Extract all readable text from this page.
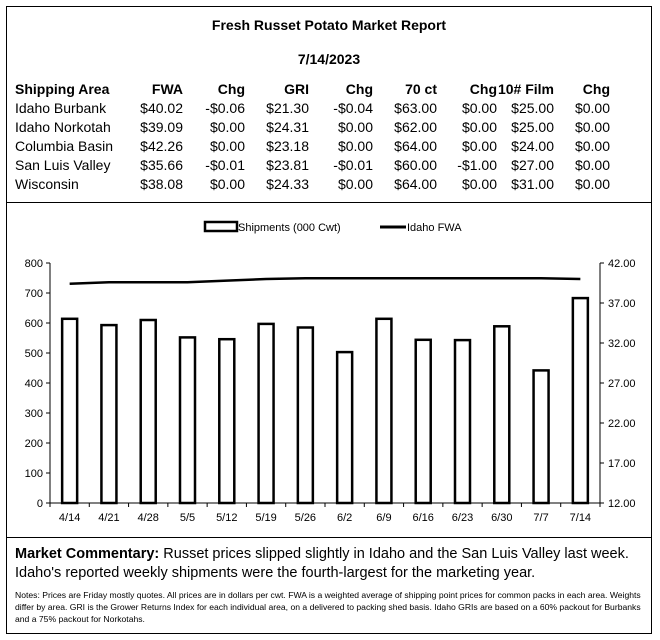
Fresh Russet Potato Market Report
7/14/2023
Shipping Area	FWA	Chg	GRI	Chg	70 ct	Chg	10# Film	Chg
Idaho Burbank	$40.02	-$0.06	$21.30	-$0.04	$63.00	$0.00	$25.00	$0.00
Idaho Norkotah	$39.09	$0.00	$24.31	$0.00	$62.00	$0.00	$25.00	$0.00
Columbia Basin	$42.26	$0.00	$23.18	$0.00	$64.00	$0.00	$24.00	$0.00
San Luis Valley	$35.66	-$0.01	$23.81	-$0.01	$60.00	-$1.00	$27.00	$0.00
Wisconsin	$38.08	$0.00	$24.33	$0.00	$64.00	$0.00	$31.00	$0.00
0
100
200
300
400
500
600
700
800
12.00
17.00
22.00
27.00
32.00
37.00
42.00
4/14 4/21 4/28 5/5 5/12 5/19 5/26 6/2 6/9 6/16 6/23 6/30 7/7 7/14
Shipments (000 Cwt)	Idaho FWA
Market Commentary: Russet prices slipped slightly in Idaho and the San Luis Valley last week. Idaho's reported weekly shipments were the fourth-largest for the marketing year.
Notes: Prices are Friday mostly quotes. All prices are in dollars per cwt. FWA is a weighted average of shipping point prices for common packs in each area. Weights differ by area. GRI is the Grower Returns Index for each individual area, on a delivered to packing shed basis. Idaho GRIs are based on a 60% packout for Burbanks and a 75% packout for Norkotahs.
